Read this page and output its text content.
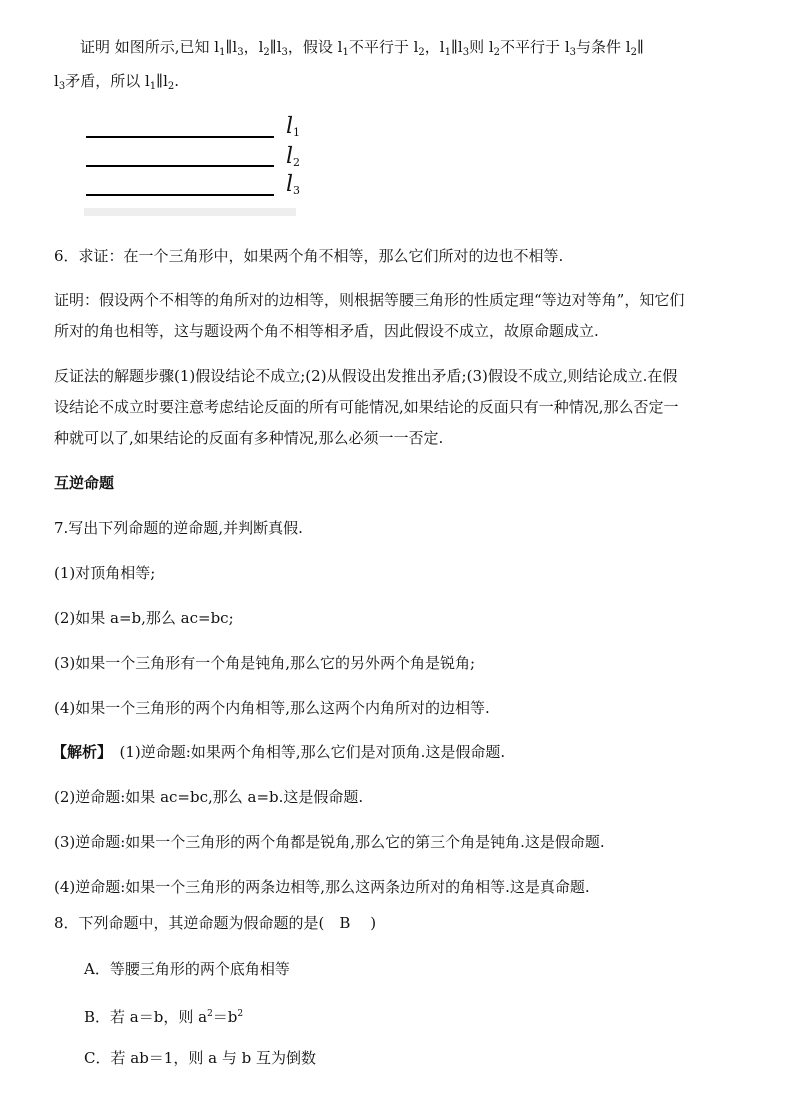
证明 如图所示,已知 $l_1\parallel l_3$，$l_2\parallel l_3$，假设 $l_1$不平行于 $l_2$，$l_1\parallel l_3$则 $l_2$不平行于 $l_3$与条件 $l_2\parallel$
$l_3$矛盾，所以 $l_1\parallel l_2$.
$l_1$
$l_2$
$l_3$
6．求证：在一个三角形中，如果两个角不相等，那么它们所对的边也不相等.
证明：假设两个不相等的角所对的边相等，则根据等腰三角形的性质定理“等边对等角”，知它们
所对的角也相等，这与题设两个角不相等相矛盾，因此假设不成立，故原命题成立.
反证法的解题步骤(1)假设结论不成立;(2)从假设出发推出矛盾;(3)假设不成立,则结论成立.在假
设结论不成立时要注意考虑结论反面的所有可能情况,如果结论的反面只有一种情况,那么否定一
种就可以了,如果结论的反面有多种情况,那么必须一一否定.
互逆命题
7.写出下列命题的逆命题,并判断真假.
(1)对顶角相等;
(2)如果 a=b,那么 ac=bc;
(3)如果一个三角形有一个角是钝角,那么它的另外两个角是锐角;
(4)如果一个三角形的两个内角相等,那么这两个内角所对的边相等.
【解析】　 (1)逆命题:如果两个角相等,那么它们是对顶角.这是假命题.
(2)逆命题:如果 ac=bc,那么 a=b.这是假命题.
(3)逆命题:如果一个三角形的两个角都是锐角,那么它的第三个角是钝角.这是假命题.
(4)逆命题:如果一个三角形的两条边相等,那么这两条边所对的角相等.这是真命题.
8．下列命题中，其逆命题为假命题的是(　B　 )
A．等腰三角形的两个底角相等
B．若 a＝b，则 $a^2=b^2$
C．若 ab＝1，则 a 与 b 互为倒数
